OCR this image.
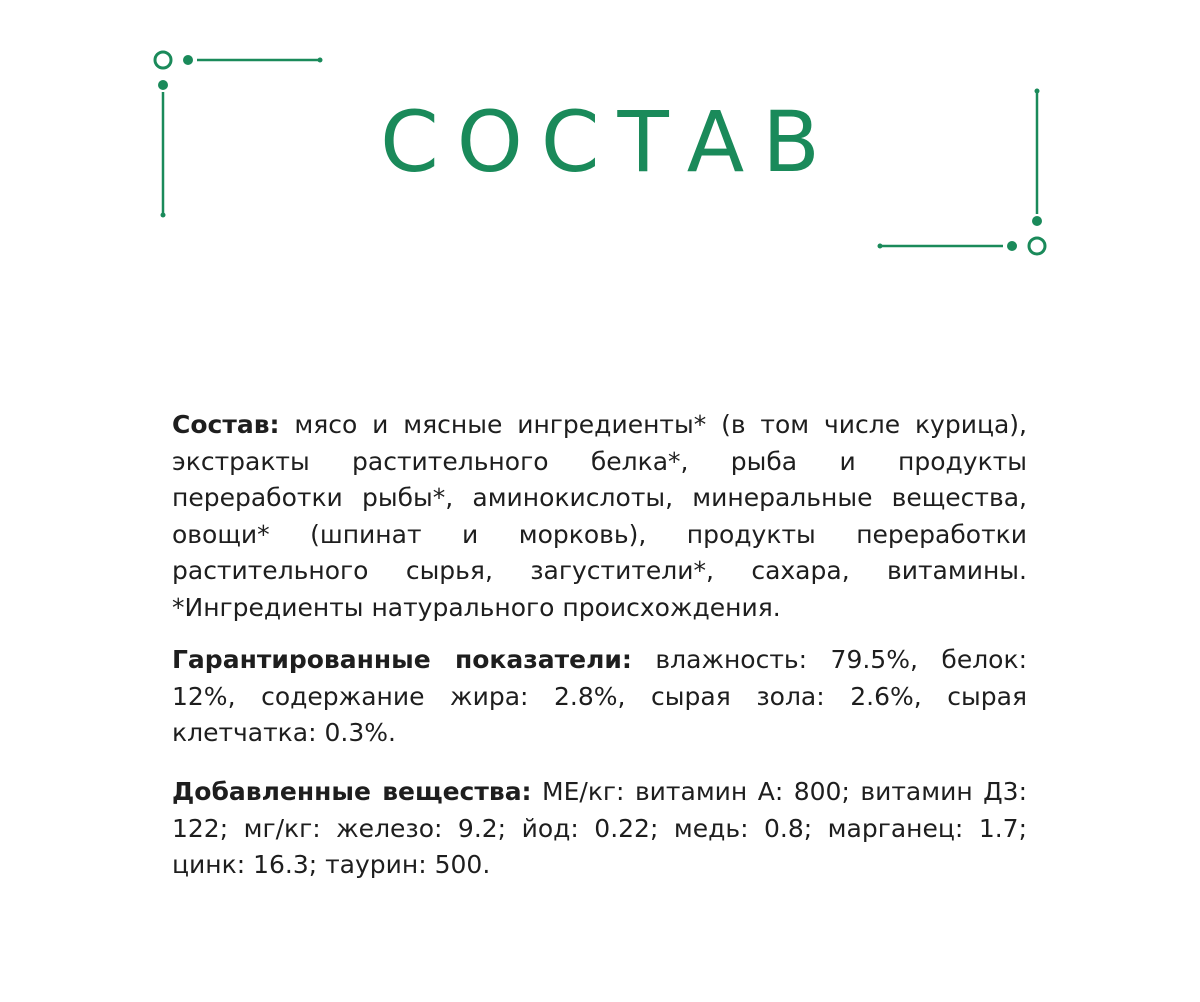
СОСТАВ

Состав: мясо и мясные ингредиенты* (в том числе курица), экстракты растительного белка*, рыба и продукты переработки рыбы*, аминокислоты, минеральные вещества, овощи* (шпинат и морковь), продукты переработки растительного сырья, загустители*, сахара, витамины. *Ингредиенты натурального происхождения.

Гарантированные показатели: влажность: 79.5%, белок: 12%, содержание жира: 2.8%, сырая зола: 2.6%, сырая клетчатка: 0.3%.

Добавленные вещества: МЕ/кг: витамин А: 800; витамин Д3: 122; мг/кг: железо: 9.2; йод: 0.22; медь: 0.8; марганец: 1.7; цинк: 16.3; таурин: 500.
